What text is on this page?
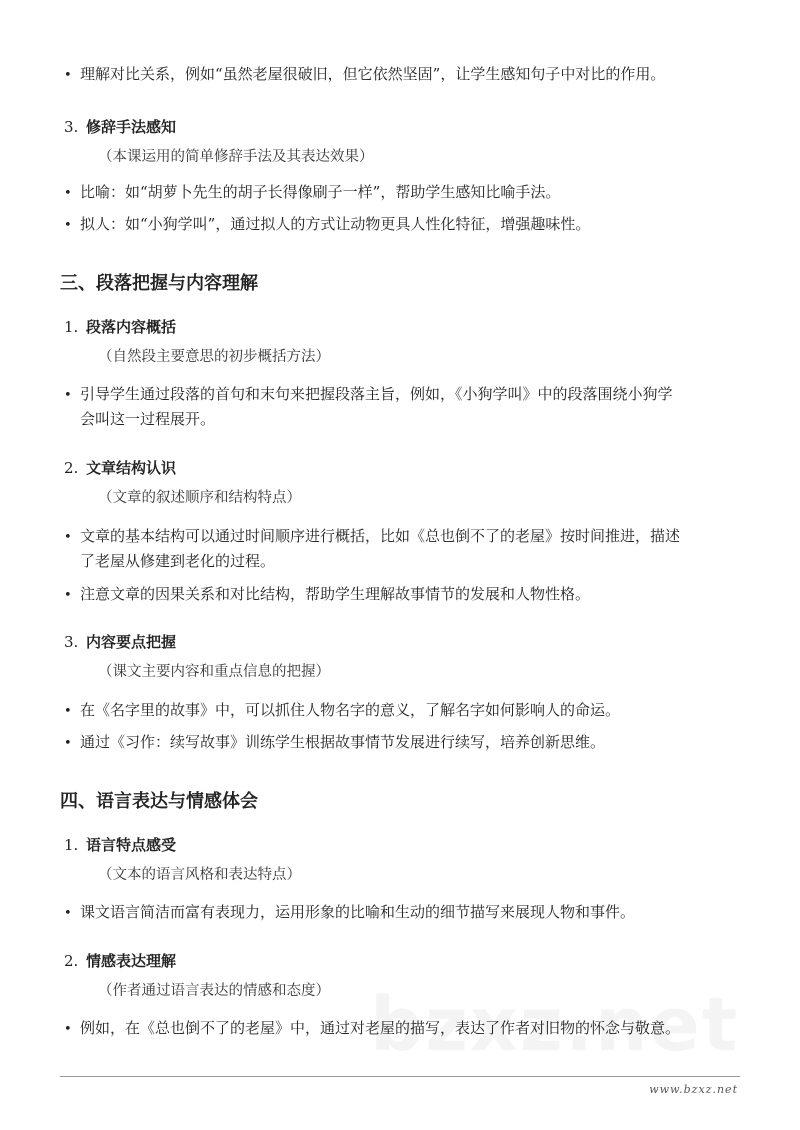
• 理解对比关系，例如“虽然老屋很破旧，但它依然坚固”，让学生感知句子中对比的作用。
3. 修辞手法感知
（本课运用的简单修辞手法及其表达效果）
• 比喻：如“胡萝卜先生的胡子长得像刷子一样”，帮助学生感知比喻手法。
• 拟人：如“小狗学叫”，通过拟人的方式让动物更具人性化特征，增强趣味性。
三、段落把握与内容理解
1. 段落内容概括
（自然段主要意思的初步概括方法）
• 引导学生通过段落的首句和末句来把握段落主旨，例如，《小狗学叫》中的段落围绕小狗学
会叫这一过程展开。
2. 文章结构认识
（文章的叙述顺序和结构特点）
• 文章的基本结构可以通过时间顺序进行概括，比如《总也倒不了的老屋》按时间推进，描述
了老屋从修建到老化的过程。
• 注意文章的因果关系和对比结构，帮助学生理解故事情节的发展和人物性格。
3. 内容要点把握
（课文主要内容和重点信息的把握）
• 在《名字里的故事》中，可以抓住人物名字的意义，了解名字如何影响人的命运。
• 通过《习作：续写故事》训练学生根据故事情节发展进行续写，培养创新思维。
四、语言表达与情感体会
1. 语言特点感受
（文本的语言风格和表达特点）
• 课文语言简洁而富有表现力，运用形象的比喻和生动的细节描写来展现人物和事件。
2. 情感表达理解
（作者通过语言表达的情感和态度）
• 例如，在《总也倒不了的老屋》中，通过对老屋的描写，表达了作者对旧物的怀念与敬意。
www.bzxz.net
